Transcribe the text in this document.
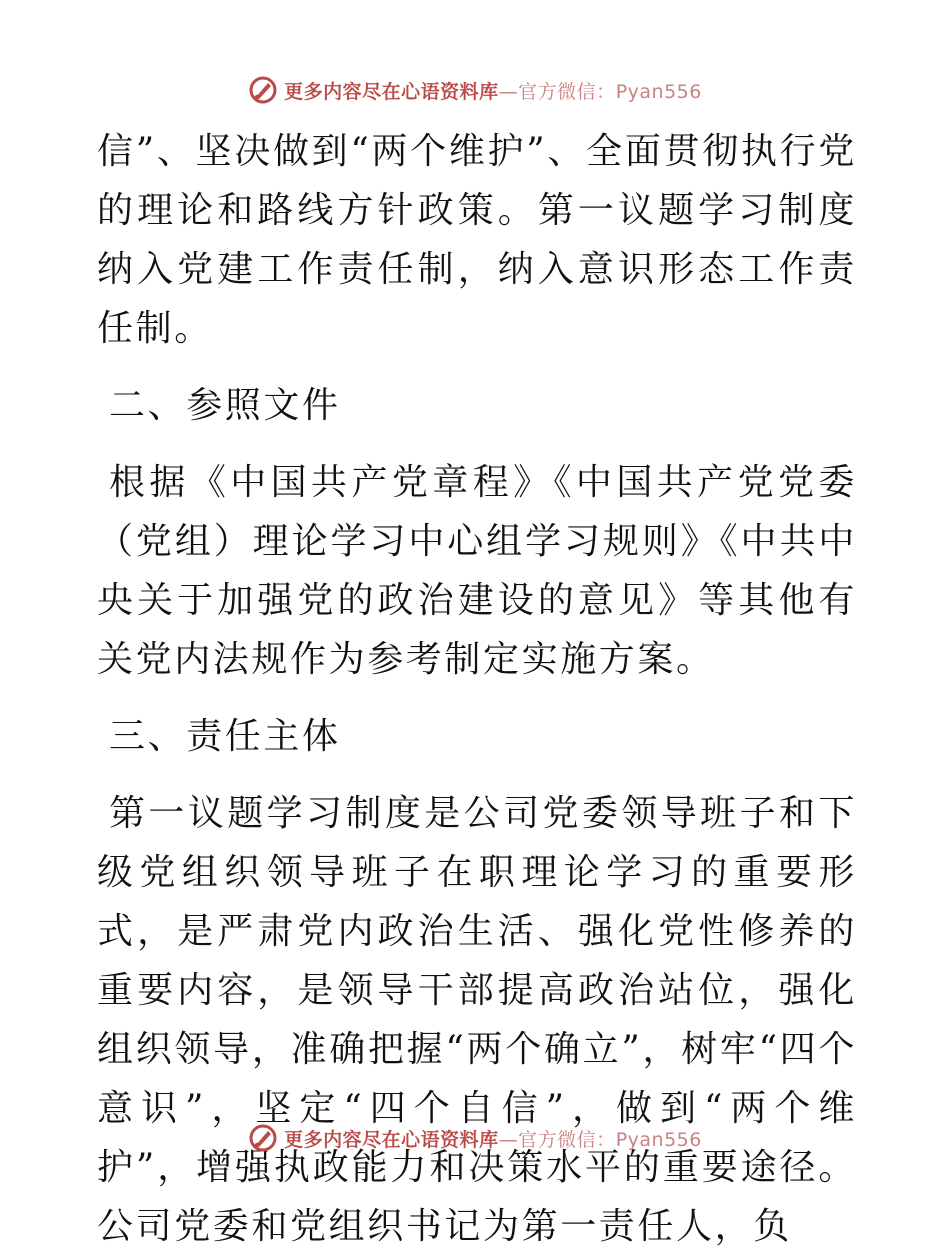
更多内容尽在心语资料库—官方微信：Pyan556

信”、坚决做到“两个维护”、全面贯彻执行党的理论和路线方针政策。第一议题学习制度纳入党建工作责任制，纳入意识形态工作责任制。

二、参照文件

根据《中国共产党章程》《中国共产党党委（党组）理论学习中心组学习规则》《中共中央关于加强党的政治建设的意见》等其他有关党内法规作为参考制定实施方案。

三、责任主体

第一议题学习制度是公司党委领导班子和下级党组织领导班子在职理论学习的重要形式，是严肃党内政治生活、强化党性修养的重要内容，是领导干部提高政治站位，强化组织领导，准确把握“两个确立”，树牢“四个意识”，坚定“四个自信”，做到“两个维护”，增强执政能力和决策水平的重要途径。公司党委和党组织书记为第一责任人，负

更多内容尽在心语资料库—官方微信：Pyan556
